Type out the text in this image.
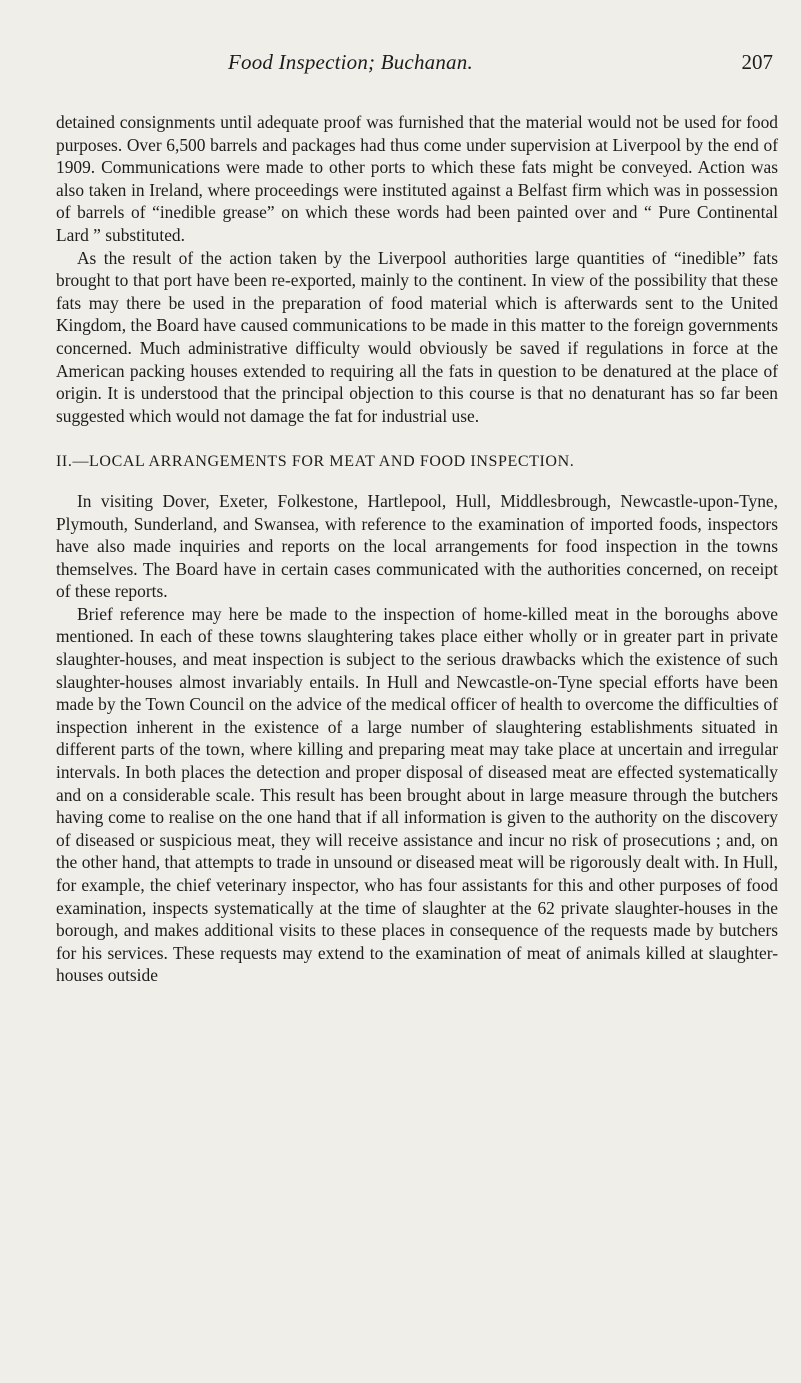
Food Inspection; Buchanan.	207

detained consignments until adequate proof was furnished that the material would not be used for food purposes. Over 6,500 barrels and packages had thus come under supervision at Liverpool by the end of 1909. Communications were made to other ports to which these fats might be conveyed. Action was also taken in Ireland, where proceedings were instituted against a Belfast firm which was in possession of barrels of “inedible grease” on which these words had been painted over and “ Pure Continental Lard ” substituted.

As the result of the action taken by the Liverpool authorities large quantities of “inedible” fats brought to that port have been re-exported, mainly to the continent. In view of the possibility that these fats may there be used in the preparation of food material which is afterwards sent to the United Kingdom, the Board have caused communications to be made in this matter to the foreign governments concerned. Much administrative difficulty would obviously be saved if regulations in force at the American packing houses extended to requiring all the fats in question to be denatured at the place of origin. It is understood that the principal objection to this course is that no denaturant has so far been suggested which would not damage the fat for industrial use.

II.—LOCAL ARRANGEMENTS FOR MEAT AND FOOD INSPECTION.

In visiting Dover, Exeter, Folkestone, Hartlepool, Hull, Middlesbrough, Newcastle-upon-Tyne, Plymouth, Sunderland, and Swansea, with reference to the examination of imported foods, inspectors have also made inquiries and reports on the local arrangements for food inspection in the towns themselves. The Board have in certain cases communicated with the authorities concerned, on receipt of these reports.

Brief reference may here be made to the inspection of home-killed meat in the boroughs above mentioned. In each of these towns slaughtering takes place either wholly or in greater part in private slaughter-houses, and meat inspection is subject to the serious drawbacks which the existence of such slaughter-houses almost invariably entails. In Hull and Newcastle-on-Tyne special efforts have been made by the Town Council on the advice of the medical officer of health to overcome the difficulties of inspection inherent in the existence of a large number of slaughtering establishments situated in different parts of the town, where killing and preparing meat may take place at uncertain and irregular intervals. In both places the detection and proper disposal of diseased meat are effected systematically and on a considerable scale. This result has been brought about in large measure through the butchers having come to realise on the one hand that if all information is given to the authority on the discovery of diseased or suspicious meat, they will receive assistance and incur no risk of prosecutions ; and, on the other hand, that attempts to trade in unsound or diseased meat will be rigorously dealt with. In Hull, for example, the chief veterinary inspector, who has four assistants for this and other purposes of food examination, inspects systematically at the time of slaughter at the 62 private slaughter-houses in the borough, and makes additional visits to these places in consequence of the requests made by butchers for his services. These requests may extend to the examination of meat of animals killed at slaughter-houses outside
